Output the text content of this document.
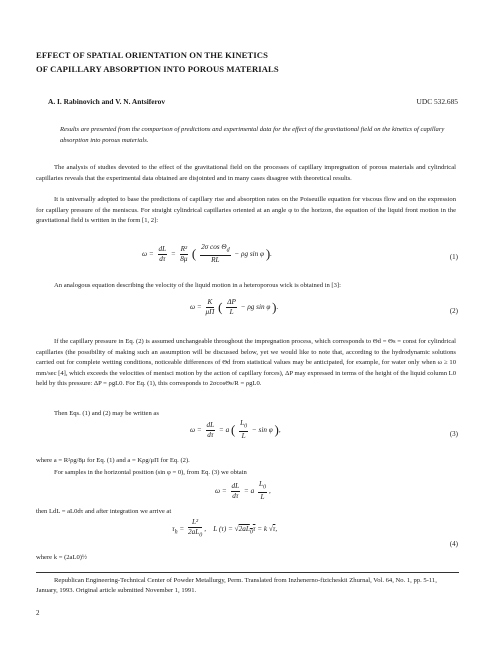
EFFECT OF SPATIAL ORIENTATION ON THE KINETICS
OF CAPILLARY ABSORPTION INTO POROUS MATERIALS
A. I. Rabinovich and V. N. Antsiferov	UDC 532.685
Results are presented from the comparison of predictions and experimental data for the effect of the gravitational field on the kinetics of capillary absorption into porous materials.
The analysis of studies devoted to the effect of the gravitational field on the processes of capillary impregnation of porous materials and cylindrical capillaries reveals that the experimental data obtained are disjointed and in many cases disagree with theoretical results.
It is universally adopted to base the predictions of capillary rise and absorption rates on the Poiseuille equation for viscous flow and on the expression for capillary pressure of the meniscus. For straight cylindrical capillaries oriented at an angle φ to the horizon, the equation of the liquid front motion in the gravitational field is written in the form [1, 2]:
$\omega = \frac{dL}{d\tau} = \frac{\text{R²}}{8\mu}$ ( $\frac{2\sigma \cos \Theta_d}{RL} - \rho g$ sin φ ).	(1)
An analogous equation describing the velocity of the liquid motion in a heteroporous wick is obtained in [3]:
$\omega = \frac{K}{\mu\Pi}$ ( $\frac{\Delta P}{L} - \rho g$ sin φ ).	(2)
If the capillary pressure in Eq. (2) is assumed unchangeable throughout the impregnation process, which corresponds to Θd = Θs = const for cylindrical capillaries (the possibility of making such an assumption will be discussed below, yet we would like to note that, according to the hydrodynamic solutions carried out for complete wetting conditions, noticeable differences of Θd from statistical values may be anticipated, for example, for water only when ω ≥ 10 mm/sec [4], which exceeds the velocities of menisci motion by the action of capillary forces), ΔP may expressed in terms of the height of the liquid column L0 held by this pressure: ΔP = ρgL0. For Eq. (1), this corresponds to 2σcosΘs/R = ρgL0.
Then Eqs. (1) and (2) may be written as
$\omega = \frac{dL}{d\tau} = a$ ( $\frac{L_0}{L} - \sin \varphi$ ),
(3)
where a = R²ρg/8μ for Eq. (1) and a = Kρg/μΠ for Eq. (2).
For samples in the horizontal position (sin φ = 0), from Eq. (3) we obtain
$\omega = \frac{dL}{d\tau} = a \frac{L_0}{L}$ ,
then LdL = aL0dτ and after integration we arrive at
$\tau_h = \frac{\text{L²}}{2aL_0}$ ,    L $(\tau) = √2aL_0\tau = k$ √τ,
(4)
where k = (2aL0)½
Republican Engineering-Technical Center of Powder Metallurgy, Perm. Translated from Inzhenerno-fizicheskii Zhurnal, Vol. 64, No. 1, pp. 5-11, January, 1993. Original article submitted November 1, 1991.
2
